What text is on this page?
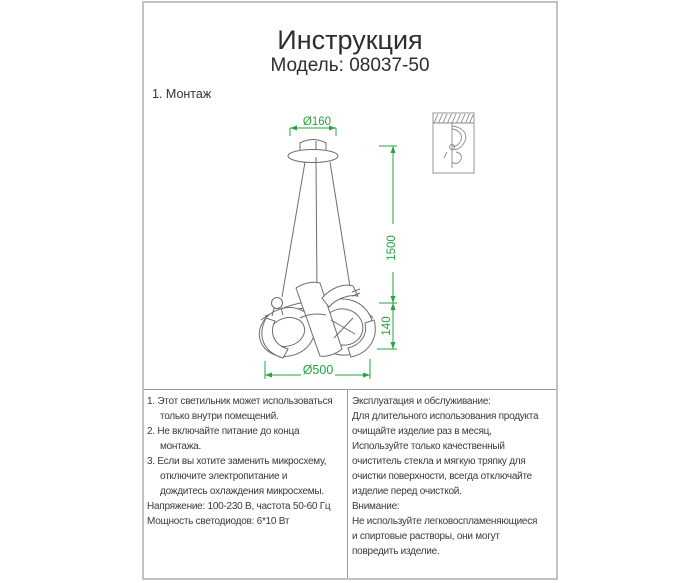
Инструкция
Модель: 08037-50
1. Монтаж
Ø160
1500
140
Ø500
1. Этот светильник может использоваться
только внутри помещений.
2. Не включайте питание до конца
монтажа.
3. Если вы хотите заменить микросхему,
отключите электропитание и
дождитесь охлаждения микросхемы.
Напряжение: 100-230 В, частота 50-60 Гц
Мощность светодиодов: 6*10 Вт
Эксплуатация и обслуживание:
Для длительного использования продукта
очищайте изделие раз в месяц,
Используйте только качественный
очиститель стекла и мягкую тряпку для
очистки поверхности, всегда отключайте
изделие перед очисткой.
Внимание:
Не используйте легковоспламеняющиеся
и спиртовые растворы, они могут
повредить изделие.
